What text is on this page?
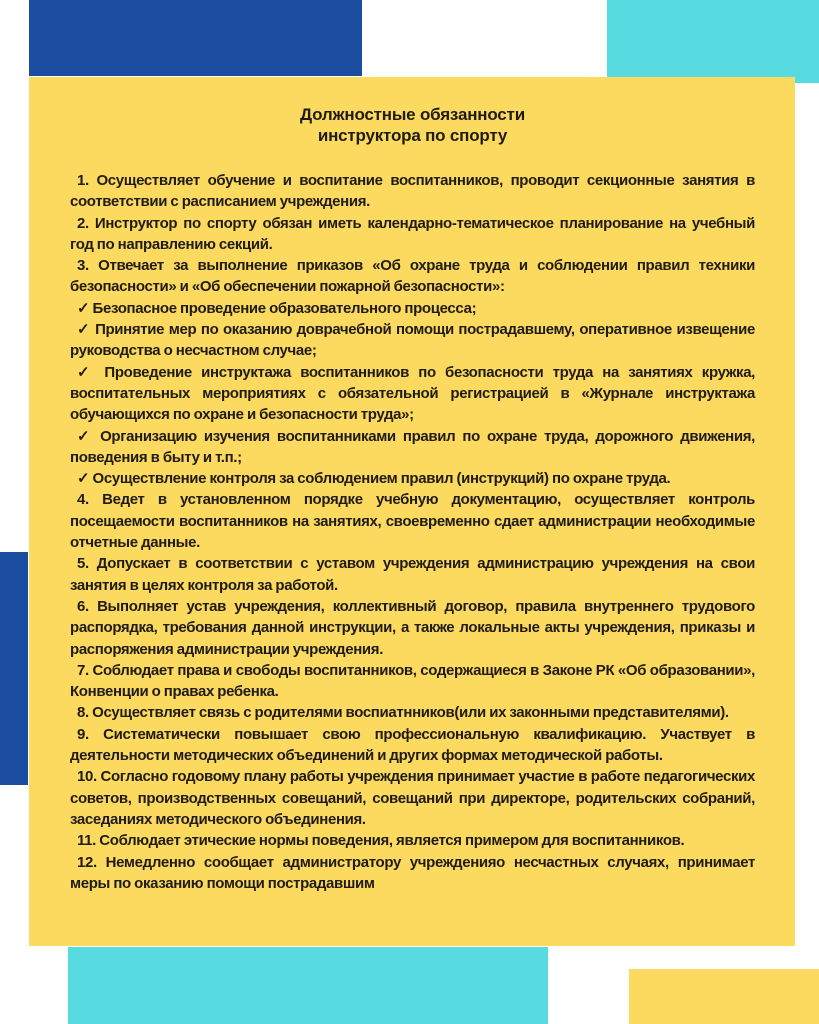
Должностные обязанности
инструктора по спорту

1. Осуществляет обучение и воспитание воспитанников, проводит секционные занятия в соответствии с расписанием учреждения.

2. Инструктор по спорту обязан иметь календарно-тематическое планирование на учебный год по направлению секций.

3. Отвечает за выполнение приказов «Об охране труда и соблюдении правил техники безопасности» и «Об обеспечении пожарной безопасности»:

✓ Безопасное проведение образовательного процесса;

✓ Принятие мер по оказанию доврачебной помощи пострадавшему, оперативное извещение руководства о несчастном случае;

✓ Проведение инструктажа воспитанников по безопасности труда на занятиях кружка, воспитательных мероприятиях с обязательной регистрацией в «Журнале инструктажа обучающихся по охране и безопасности труда»;

✓ Организацию изучения воспитанниками правил по охране труда, дорожного движения, поведения в быту и т.п.;

✓ Осуществление контроля за соблюдением правил (инструкций) по охране труда.

4. Ведет в установленном порядке учебную документацию, осуществляет контроль посещаемости воспитанников на занятиях, своевременно сдает администрации необходимые отчетные данные.

5. Допускает в соответствии с уставом учреждения администрацию учреждения на свои занятия в целях контроля за работой.

6. Выполняет устав учреждения, коллективный договор, правила внутреннего трудового распорядка, требования данной инструкции, а также локальные акты учреждения, приказы и распоряжения администрации учреждения.

7. Соблюдает права и свободы воспитанников, содержащиеся в Законе РК «Об образовании», Конвенции о правах ребенка.

8. Осуществляет связь с родителями воспиатнников(или их законными представителями).

9. Систематически повышает свою профессиональную квалификацию. Участвует в деятельности методических объединений и других формах методической работы.

10. Согласно годовому плану работы учреждения принимает участие в работе педагогических советов, производственных совещаний, совещаний при директоре, родительских собраний, заседаниях методического объединения.

11. Соблюдает этические нормы поведения, является примером для воспитанников.

12. Немедленно сообщает администратору учрежденияо несчастных случаях, принимает меры по оказанию помощи пострадавшим
